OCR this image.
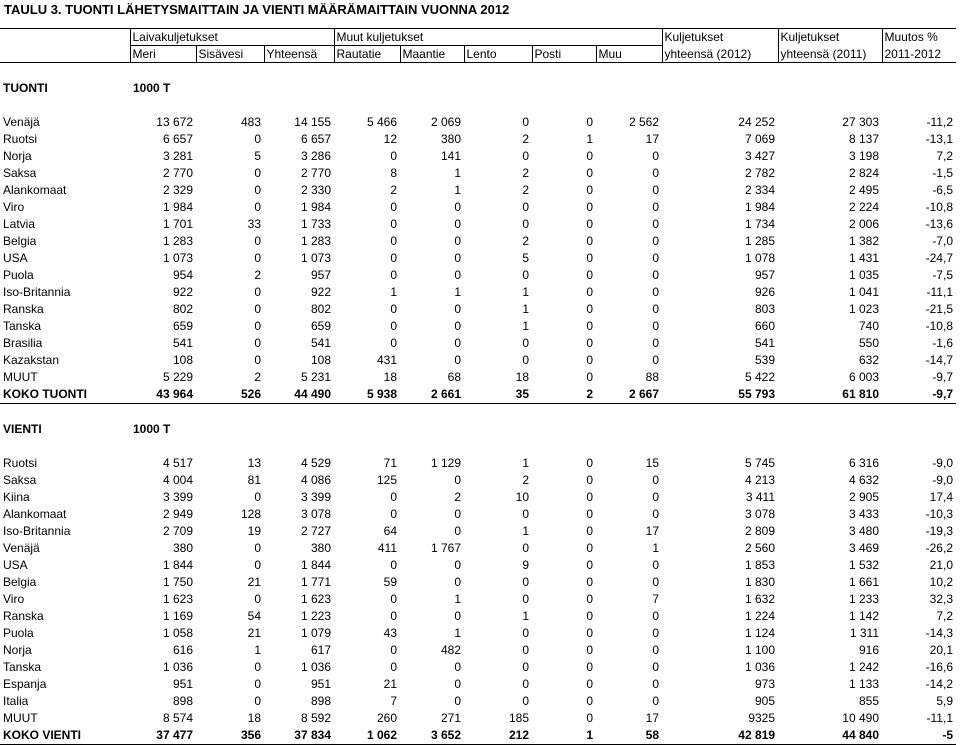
TAULU 3. TUONTI LÄHETYSMAITTAIN JA VIENTI MÄÄRÄMAITTAIN VUONNA 2012
	Laivakuljetukset			Muut kuljetukset					Kuljetukset	Kuljetukset	Muutos %
	Meri	Sisävesi	Yhteensä	Rautatie	Maantie	Lento	Posti	Muu	yhteensä (2012)	yhteensä (2011)	2011-2012

TUONTI	1000 T										

Venäjä	13 672	483	14 155	5 466	2 069	0	0	2 562	24 252	27 303	-11,2
Ruotsi	6 657	0	6 657	12	380	2	1	17	7 069	8 137	-13,1
Norja	3 281	5	3 286	0	141	0	0	0	3 427	3 198	7,2
Saksa	2 770	0	2 770	8	1	2	0	0	2 782	2 824	-1,5
Alankomaat	2 329	0	2 330	2	1	2	0	0	2 334	2 495	-6,5
Viro	1 984	0	1 984	0	0	0	0	0	1 984	2 224	-10,8
Latvia	1 701	33	1 733	0	0	0	0	0	1 734	2 006	-13,6
Belgia	1 283	0	1 283	0	0	2	0	0	1 285	1 382	-7,0
USA	1 073	0	1 073	0	0	5	0	0	1 078	1 431	-24,7
Puola	954	2	957	0	0	0	0	0	957	1 035	-7,5
Iso-Britannia	922	0	922	1	1	1	0	0	926	1 041	-11,1
Ranska	802	0	802	0	0	1	0	0	803	1 023	-21,5
Tanska	659	0	659	0	0	1	0	0	660	740	-10,8
Brasilia	541	0	541	0	0	0	0	0	541	550	-1,6
Kazakstan	108	0	108	431	0	0	0	0	539	632	-14,7
MUUT	5 229	2	5 231	18	68	18	0	88	5 422	6 003	-9,7
KOKO TUONTI	43 964	526	44 490	5 938	2 661	35	2	2 667	55 793	61 810	-9,7

VIENTI	1000 T										

Ruotsi	4 517	13	4 529	71	1 129	1	0	15	5 745	6 316	-9,0
Saksa	4 004	81	4 086	125	0	2	0	0	4 213	4 632	-9,0
Kiina	3 399	0	3 399	0	2	10	0	0	3 411	2 905	17,4
Alankomaat	2 949	128	3 078	0	0	0	0	0	3 078	3 433	-10,3
Iso-Britannia	2 709	19	2 727	64	0	1	0	17	2 809	3 480	-19,3
Venäjä	380	0	380	411	1 767	0	0	1	2 560	3 469	-26,2
USA	1 844	0	1 844	0	0	9	0	0	1 853	1 532	21,0
Belgia	1 750	21	1 771	59	0	0	0	0	1 830	1 661	10,2
Viro	1 623	0	1 623	0	1	0	0	7	1 632	1 233	32,3
Ranska	1 169	54	1 223	0	0	1	0	0	1 224	1 142	7,2
Puola	1 058	21	1 079	43	1	0	0	0	1 124	1 311	-14,3
Norja	616	1	617	0	482	0	0	0	1 100	916	20,1
Tanska	1 036	0	1 036	0	0	0	0	0	1 036	1 242	-16,6
Espanja	951	0	951	21	0	0	0	0	973	1 133	-14,2
Italia	898	0	898	7	0	0	0	0	905	855	5,9
MUUT	8 574	18	8 592	260	271	185	0	17	9325	10 490	-11,1
KOKO VIENTI	37 477	356	37 834	1 062	3 652	212	1	58	42 819	44 840	-5
